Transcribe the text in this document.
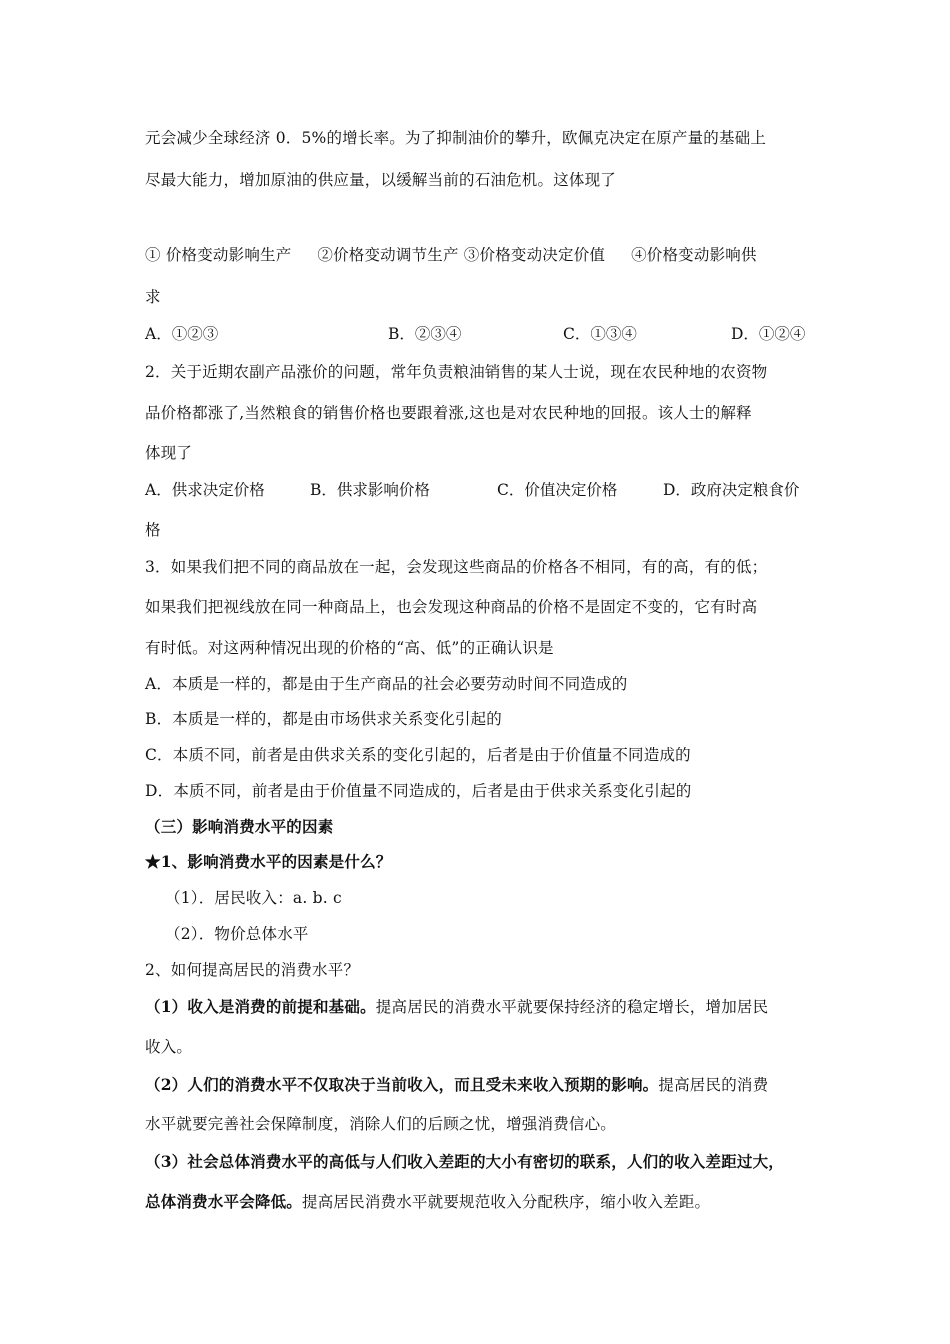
元会减少全球经济 0．5%的增长率。为了抑制油价的攀升，欧佩克决定在原产量的基础上
尽最大能力，增加原油的供应量，以缓解当前的石油危机。这体现了
① 价格变动影响生产 　 ②价格变动调节生产 ③价格变动决定价值 　 ④价格变动影响供
求
A．①②③	B．②③④	C．①③④	D．①②④
2．关于近期农副产品涨价的问题，常年负责粮油销售的某人士说，现在农民种地的农资物
品价格都涨了,当然粮食的销售价格也要跟着涨,这也是对农民种地的回报。该人士的解释
体现了
A．供求决定价格	B．供求影响价格	C．价值决定价格	D．政府决定粮食价
格
3．如果我们把不同的商品放在一起，会发现这些商品的价格各不相同，有的高，有的低；
如果我们把视线放在同一种商品上，也会发现这种商品的价格不是固定不变的，它有时高
有时低。对这两种情况出现的价格的“高、低”的正确认识是
A．本质是一样的，都是由于生产商品的社会必要劳动时间不同造成的
B．本质是一样的，都是由市场供求关系变化引起的
C．本质不同，前者是由供求关系的变化引起的，后者是由于价值量不同造成的
D．本质不同，前者是由于价值量不同造成的，后者是由于供求关系变化引起的
（三）影响消费水平的因素
★1、影响消费水平的因素是什么？
（1）．居民收入：a. b. c
（2）．物价总体水平
2、如何提高居民的消费水平？
（1）收入是消费的前提和基础。提高居民的消费水平就要保持经济的稳定增长，增加居民
收入。
（2）人们的消费水平不仅取决于当前收入，而且受未来收入预期的影响。提高居民的消费
水平就要完善社会保障制度，消除人们的后顾之忧，增强消费信心。
（3）社会总体消费水平的高低与人们收入差距的大小有密切的联系，人们的收入差距过大，
总体消费水平会降低。提高居民消费水平就要规范收入分配秩序，缩小收入差距。
